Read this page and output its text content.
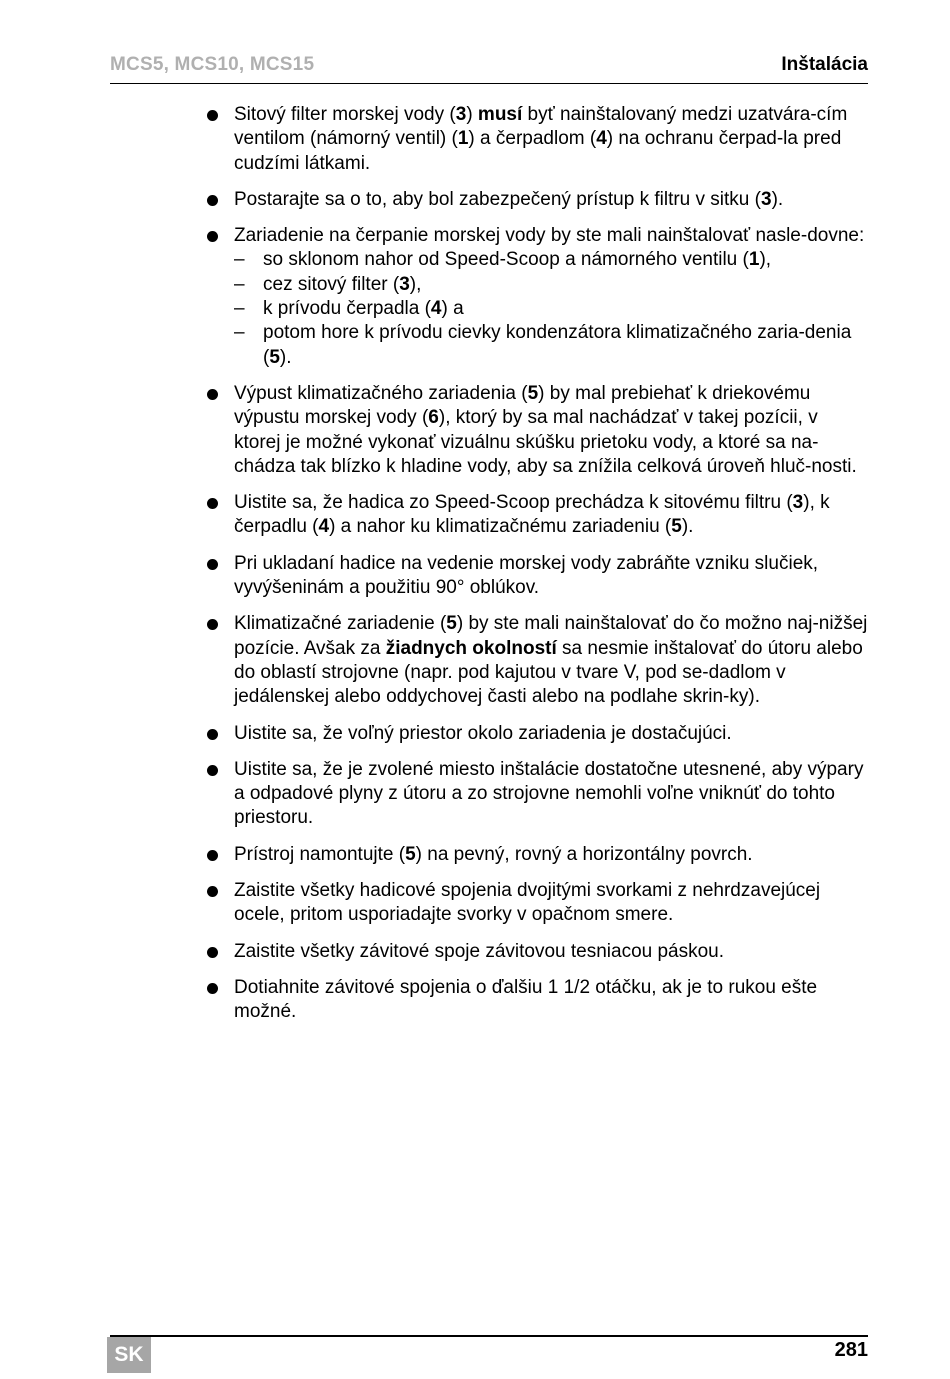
MCS5, MCS10, MCS15	Inštalácia
Sitový filter morskej vody (3) musí byť nainštalovaný medzi uzatvára-cím ventilom (námorný ventil) (1) a čerpadlom (4) na ochranu čerpad-la pred cudzími látkami.
Postarajte sa o to, aby bol zabezpečený prístup k filtru v sitku (3).
Zariadenie na čerpanie morskej vody by ste mali nainštalovať nasle-dovne:
– so sklonom nahor od Speed-Scoop a námorného ventilu (1),
– cez sitový filter (3),
– k prívodu čerpadla (4) a
– potom hore k prívodu cievky kondenzátora klimatizačného zaria-denia (5).
Výpust klimatizačného zariadenia (5) by mal prebiehať k driekovému výpustu morskej vody (6), ktorý by sa mal nachádzať v takej pozícii, v ktorej je možné vykonať vizuálnu skúšku prietoku vody, a ktoré sa na-chádza tak blízko k hladine vody, aby sa znížila celková úroveň hluč-nosti.
Uistite sa, že hadica zo Speed-Scoop prechádza k sitovému filtru (3), k čerpadlu (4) a nahor ku klimatizačnému zariadeniu (5).
Pri ukladaní hadice na vedenie morskej vody zabráňte vzniku slučiek, vyvýšeninám a použitiu 90° oblúkov.
Klimatizačné zariadenie (5) by ste mali nainštalovať do čo možno naj-nižšej pozície. Avšak za žiadnych okolností sa nesmie inštalovať do útoru alebo do oblastí strojovne (napr. pod kajutou v tvare V, pod se-dadlom v jedálenskej alebo oddychovej časti alebo na podlahe skrin-ky).
Uistite sa, že voľný priestor okolo zariadenia je dostačujúci.
Uistite sa, že je zvolené miesto inštalácie dostatočne utesnené, aby výpary a odpadové plyny z útoru a zo strojovne nemohli voľne vniknúť do tohto priestoru.
Prístroj namontujte (5) na pevný, rovný a horizontálny povrch.
Zaistite všetky hadicové spojenia dvojitými svorkami z nehrdzavejúcej ocele, pritom usporiadajte svorky v opačnom smere.
Zaistite všetky závitové spoje závitovou tesniacou páskou.
Dotiahnite závitové spojenia o ďalšiu 1 1/2 otáčku, ak je to rukou ešte možné.
SK	281
